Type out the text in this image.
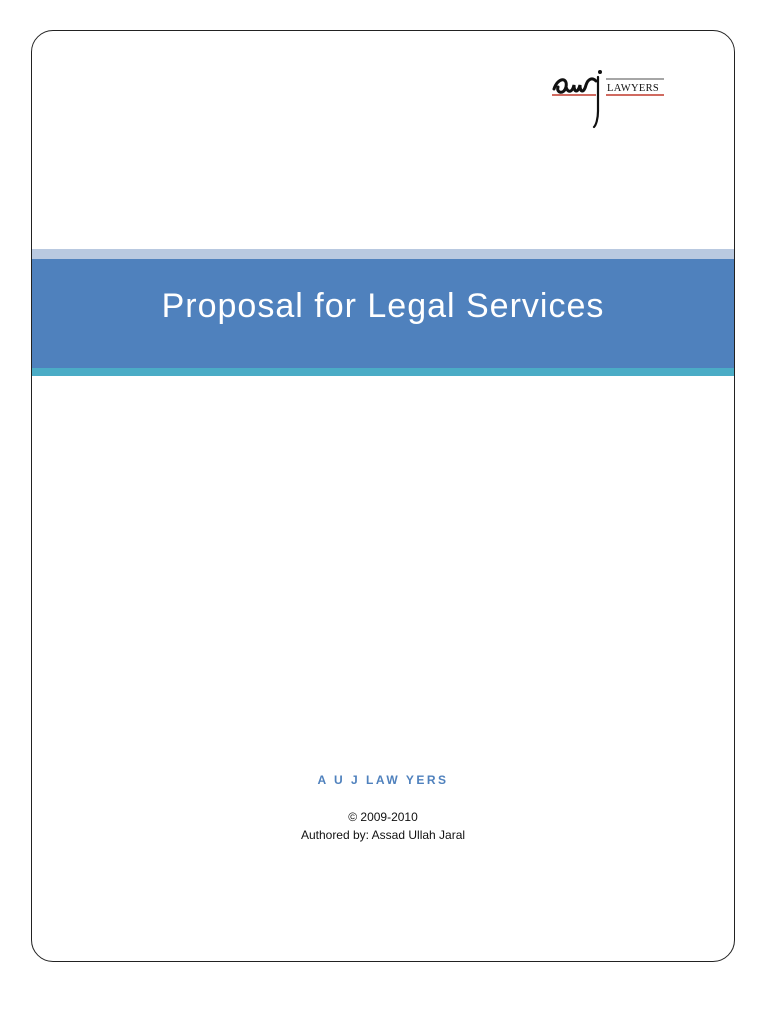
LAWYERS
Proposal for Legal Services
A U J LAW YERS
© 2009-2010
Authored by: Assad Ullah Jaral
